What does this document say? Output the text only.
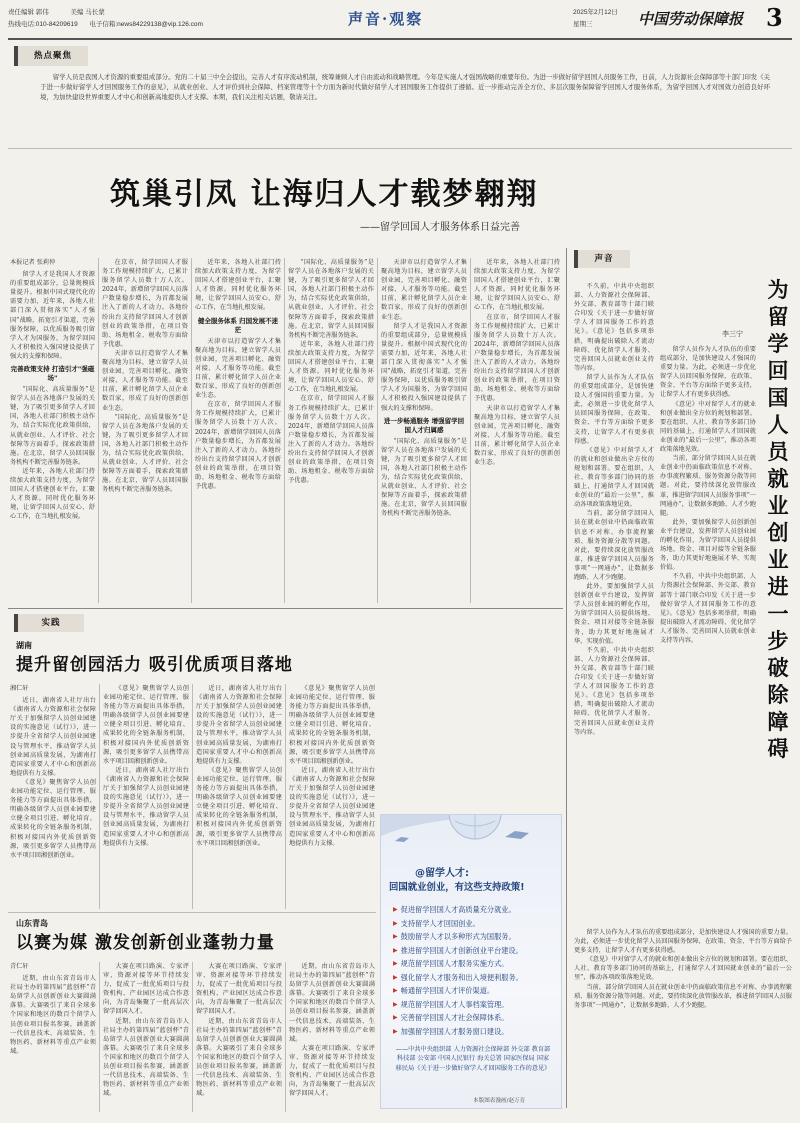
责任编辑 郭伟	美编 马长蒙
热线电话:010-84209619 电子信箱:news84229138@vip.126.com	声音·观察	2025年2月12日
星期三	中国劳动保障报 3
热点聚焦
留学人员是我国人才资源的重要组成部分。党的二十届三中全会提出，完善人才有序流动机制，统筹兼顾人才自由流动和战略管理。今年是实施人才强国战略的重要年份。为进一步做好留学回国人员服务工作，日前，人力资源社会保障部等十部门印发《关于进一步做好留学人才回国服务工作的意见》，从就业创业、人才评价到社会保障、档案管理等十个方面为新时代做好留学人才回国服务工作提供了遵循。近一步推动完善全方位、多层次服务保障留学回国人才服务体系，为留学回国人才对国效力创造良好环境，为加快建设世界重要人才中心和创新高地提供人才支撑。本期，我们关注相关话题，敬请关注。
筑巢引凤 让海归人才载梦翱翔
——留学回国人才服务体系日益完善
本报记者 张莉仲

留学人才是我国人才资源的重要组成部分，总量规模质量提升。根据中国式现代化的需要力加，近年来，各地人社部门深入贯彻落实“人才强国”战略，拓宽引才渠道，完善服务保障，以优质服务吸引留学人才为国服务，为留学回国人才积极投入强国建设提供了强大的支撑和保障。

完善政策支持 打造引才"强磁场"

“国际化、高质量服务”是留学人员在各地落户发展的关键，为了吸引更多留学人才回国，各地人社部门积极主动作为，结合实际优化政策供给，从就业创业、人才评价、社会保障等方面着手，探索政策措施。在北京，留学人员回国服务机构不断完善服务链条。

近年来，各地人社部门持续加大政策支持力度，为留学回国人才搭建创业平台，汇聚人才资源。同时优化服务环境，让留学回国人员安心、舒心工作，在当地扎根发展。

在京市，留学回国人才服务工作规模持续扩大，已累计服务留学人员数十万人次。2024年，新增留学回国人员落户数量稳步增长，为首都发展注入了新的人才动力。各地纷纷出台支持留学回国人才创新创业的政策举措，在项目资助、场地租金、税收等方面给予优惠。

天津市以打造留学人才集聚高地为目标，建立留学人员创业园，完善项目孵化、融资对接、人才服务等功能。截至目前，累计孵化留学人员企业数百家，形成了良好的创新创业生态。

“国际化、高质量服务”是留学人员在各地落户发展的关键，为了吸引更多留学人才回国，各地人社部门积极主动作为，结合实际优化政策供给，从就业创业、人才评价、社会保障等方面着手，探索政策措施。在北京，留学人员回国服务机构不断完善服务链条。

近年来，各地人社部门持续加大政策支持力度，为留学回国人才搭建创业平台，汇聚人才资源。同时优化服务环境，让留学回国人员安心、舒心工作，在当地扎根发展。

健全服务体系 归国发展不迷茫

天津市以打造留学人才集聚高地为目标，建立留学人员创业园，完善项目孵化、融资对接、人才服务等功能。截至目前，累计孵化留学人员企业数百家，形成了良好的创新创业生态。

在京市，留学回国人才服务工作规模持续扩大，已累计服务留学人员数十万人次。2024年，新增留学回国人员落户数量稳步增长，为首都发展注入了新的人才动力。各地纷纷出台支持留学回国人才创新创业的政策举措，在项目资助、场地租金、税收等方面给予优惠。

“国际化、高质量服务”是留学人员在各地落户发展的关键，为了吸引更多留学人才回国，各地人社部门积极主动作为，结合实际优化政策供给，从就业创业、人才评价、社会保障等方面着手，探索政策措施。在北京，留学人员回国服务机构不断完善服务链条。

近年来，各地人社部门持续加大政策支持力度，为留学回国人才搭建创业平台，汇聚人才资源。同时优化服务环境，让留学回国人员安心、舒心工作，在当地扎根发展。

在京市，留学回国人才服务工作规模持续扩大，已累计服务留学人员数十万人次。2024年，新增留学回国人员落户数量稳步增长，为首都发展注入了新的人才动力。各地纷纷出台支持留学回国人才创新创业的政策举措，在项目资助、场地租金、税收等方面给予优惠。

天津市以打造留学人才集聚高地为目标，建立留学人员创业园，完善项目孵化、融资对接、人才服务等功能。截至目前，累计孵化留学人员企业数百家，形成了良好的创新创业生态。

留学人才是我国人才资源的重要组成部分，总量规模质量提升。根据中国式现代化的需要力加，近年来，各地人社部门深入贯彻落实“人才强国”战略，拓宽引才渠道，完善服务保障，以优质服务吸引留学人才为国服务，为留学回国人才积极投入强国建设提供了强大的支撑和保障。

进一步畅通服务 增强留学回国人才归属感

“国际化、高质量服务”是留学人员在各地落户发展的关键，为了吸引更多留学人才回国，各地人社部门积极主动作为，结合实际优化政策供给，从就业创业、人才评价、社会保障等方面着手，探索政策措施。在北京，留学人员回国服务机构不断完善服务链条。

近年来，各地人社部门持续加大政策支持力度，为留学回国人才搭建创业平台，汇聚人才资源。同时优化服务环境，让留学回国人员安心、舒心工作，在当地扎根发展。

在京市，留学回国人才服务工作规模持续扩大，已累计服务留学人员数十万人次。2024年，新增留学回国人员落户数量稳步增长，为首都发展注入了新的人才动力。各地纷纷出台支持留学回国人才创新创业的政策举措，在项目资助、场地租金、税收等方面给予优惠。

天津市以打造留学人才集聚高地为目标，建立留学人员创业园，完善项目孵化、融资对接、人才服务等功能。截至目前，累计孵化留学人员企业数百家，形成了良好的创新创业生态。

声音
为留学回国人员就业创业进一步破除障碍
李三宁

不久前，中共中央组织部、人力资源社会保障部、外交部、教育部等十部门联合印发《关于进一步做好留学人才回国服务工作的意见》。《意见》包括多项举措，明确提出破除人才流动障碍、优化留学人才服务、完善回国人员就业创业支持等内容。

留学人员作为人才队伍的重要组成部分，是加快建设人才强国的重要力量。为此，必须进一步优化留学人员回国服务保障，在政策、资金、平台等方面给予更多支持，让留学人才有更多获得感。

《意见》中对留学人才的就业和创业做出全方位的规划和部署。要在组织、人社、教育等多部门协同的基础上，打通留学人才回国就业创业的“最后一公里”，推动各项政策落地见效。

当前，部分留学回国人员在就业创业中仍面临政策信息不对称、办事流程繁琐、服务资源分散等问题。对此，要持续深化放管服改革，推进留学回国人员服务事项“一网通办”，让数据多跑路、人才少跑腿。

此外，要加强留学人员创新创业平台建设，发挥留学人员创业园的孵化作用，为留学回国人员提供场地、资金、项目对接等全链条服务，助力其更好地施展才华、实现价值。

不久前，中共中央组织部、人力资源社会保障部、外交部、教育部等十部门联合印发《关于进一步做好留学人才回国服务工作的意见》。《意见》包括多项举措，明确提出破除人才流动障碍、优化留学人才服务、完善回国人员就业创业支持等内容。

留学人员作为人才队伍的重要组成部分，是加快建设人才强国的重要力量。为此，必须进一步优化留学人员回国服务保障，在政策、资金、平台等方面给予更多支持，让留学人才有更多获得感。

《意见》中对留学人才的就业和创业做出全方位的规划和部署。要在组织、人社、教育等多部门协同的基础上，打通留学人才回国就业创业的“最后一公里”，推动各项政策落地见效。

当前，部分留学回国人员在就业创业中仍面临政策信息不对称、办事流程繁琐、服务资源分散等问题。对此，要持续深化放管服改革，推进留学回国人员服务事项“一网通办”，让数据多跑路、人才少跑腿。

此外，要加强留学人员创新创业平台建设，发挥留学人员创业园的孵化作用，为留学回国人员提供场地、资金、项目对接等全链条服务，助力其更好地施展才华、实现价值。

不久前，中共中央组织部、人力资源社会保障部、外交部、教育部等十部门联合印发《关于进一步做好留学人才回国服务工作的意见》。《意见》包括多项举措，明确提出破除人才流动障碍、优化留学人才服务、完善回国人员就业创业支持等内容。

留学人员作为人才队伍的重要组成部分，是加快建设人才强国的重要力量。为此，必须进一步优化留学人员回国服务保障，在政策、资金、平台等方面给予更多支持，让留学人才有更多获得感。

《意见》中对留学人才的就业和创业做出全方位的规划和部署。要在组织、人社、教育等多部门协同的基础上，打通留学人才回国就业创业的“最后一公里”，推动各项政策落地见效。

当前，部分留学回国人员在就业创业中仍面临政策信息不对称、办事流程繁琐、服务资源分散等问题。对此，要持续深化放管服改革，推进留学回国人员服务事项“一网通办”，让数据多跑路、人才少跑腿。

实践
湖南
提升留创园活力 吸引优质项目落地
湘仁轩

近日，湖南省人社厅出台《湖南省人力资源和社会保障厅关于加强留学人员创业园建设的实施意见（试行）》，进一步提升全省留学人员创业园建设与管理水平，推动留学人员创业园高质量发展，为湖南打造国家重要人才中心和创新高地提供有力支撑。

《意见》聚焦留学人员创业园功能定位、运行管理、服务能力等方面提出具体举措，明确各级留学人员创业园要建立健全项目引进、孵化培育、成果转化的全链条服务机制，积极对接国内外优质创新资源，吸引更多留学人员携带高水平项目回湘创新创业。

《意见》聚焦留学人员创业园功能定位、运行管理、服务能力等方面提出具体举措，明确各级留学人员创业园要建立健全项目引进、孵化培育、成果转化的全链条服务机制，积极对接国内外优质创新资源，吸引更多留学人员携带高水平项目回湘创新创业。

近日，湖南省人社厅出台《湖南省人力资源和社会保障厅关于加强留学人员创业园建设的实施意见（试行）》，进一步提升全省留学人员创业园建设与管理水平，推动留学人员创业园高质量发展，为湖南打造国家重要人才中心和创新高地提供有力支撑。

近日，湖南省人社厅出台《湖南省人力资源和社会保障厅关于加强留学人员创业园建设的实施意见（试行）》，进一步提升全省留学人员创业园建设与管理水平，推动留学人员创业园高质量发展，为湖南打造国家重要人才中心和创新高地提供有力支撑。

《意见》聚焦留学人员创业园功能定位、运行管理、服务能力等方面提出具体举措，明确各级留学人员创业园要建立健全项目引进、孵化培育、成果转化的全链条服务机制，积极对接国内外优质创新资源，吸引更多留学人员携带高水平项目回湘创新创业。

《意见》聚焦留学人员创业园功能定位、运行管理、服务能力等方面提出具体举措，明确各级留学人员创业园要建立健全项目引进、孵化培育、成果转化的全链条服务机制，积极对接国内外优质创新资源，吸引更多留学人员携带高水平项目回湘创新创业。

近日，湖南省人社厅出台《湖南省人力资源和社会保障厅关于加强留学人员创业园建设的实施意见（试行）》，进一步提升全省留学人员创业园建设与管理水平，推动留学人员创业园高质量发展，为湖南打造国家重要人才中心和创新高地提供有力支撑。

山东青岛
以赛为媒 激发创新创业蓬勃力量
青仁轩

近期，由山东省青岛市人社局主办的第四届“蓝创杯”青岛留学人员创新创业大赛圆满落幕。大赛吸引了来自全球多个国家和地区的数百个留学人员创业项目报名参赛，涵盖新一代信息技术、高端装备、生物医药、新材料等重点产业领域。

大赛在项目路演、专家评审、资源对接等环节持续发力，促成了一批优质项目与投资机构、产业园区达成合作意向，为青岛集聚了一批高层次留学回国人才。

近期，由山东省青岛市人社局主办的第四届“蓝创杯”青岛留学人员创新创业大赛圆满落幕。大赛吸引了来自全球多个国家和地区的数百个留学人员创业项目报名参赛，涵盖新一代信息技术、高端装备、生物医药、新材料等重点产业领域。

大赛在项目路演、专家评审、资源对接等环节持续发力，促成了一批优质项目与投资机构、产业园区达成合作意向，为青岛集聚了一批高层次留学回国人才。

近期，由山东省青岛市人社局主办的第四届“蓝创杯”青岛留学人员创新创业大赛圆满落幕。大赛吸引了来自全球多个国家和地区的数百个留学人员创业项目报名参赛，涵盖新一代信息技术、高端装备、生物医药、新材料等重点产业领域。

近期，由山东省青岛市人社局主办的第四届“蓝创杯”青岛留学人员创新创业大赛圆满落幕。大赛吸引了来自全球多个国家和地区的数百个留学人员创业项目报名参赛，涵盖新一代信息技术、高端装备、生物医药、新材料等重点产业领域。

大赛在项目路演、专家评审、资源对接等环节持续发力，促成了一批优质项目与投资机构、产业园区达成合作意向，为青岛集聚了一批高层次留学回国人才。

@留学人才:
回国就业创业，有这些支持政策!
▶ 促进留学回国人才高质量充分就业。
▶ 支持留学人才回国创业。
▶ 鼓励留学人才以多种形式为国服务。
▶ 推进留学回国人才创新创业平台建设。
▶ 规范留学回国人才服务实施方式。
▶ 强化留学人才服务和出入境便利服务。
▶ 畅通留学回国人才评价渠道。
▶ 规范留学回国人才人事档案管理。
▶ 完善留学回国人才社会保障体系。
▶ 加强留学回国人才服务窗口建设。
——中共中央组织部 人力资源社会保障部 外交部 教育部 科技部 公安部 中国人民银行 海关总署 国家医保局 国家移民局《关于进一步做好留学人才回国服务工作的意见》
本版图表漫画/赵万育
